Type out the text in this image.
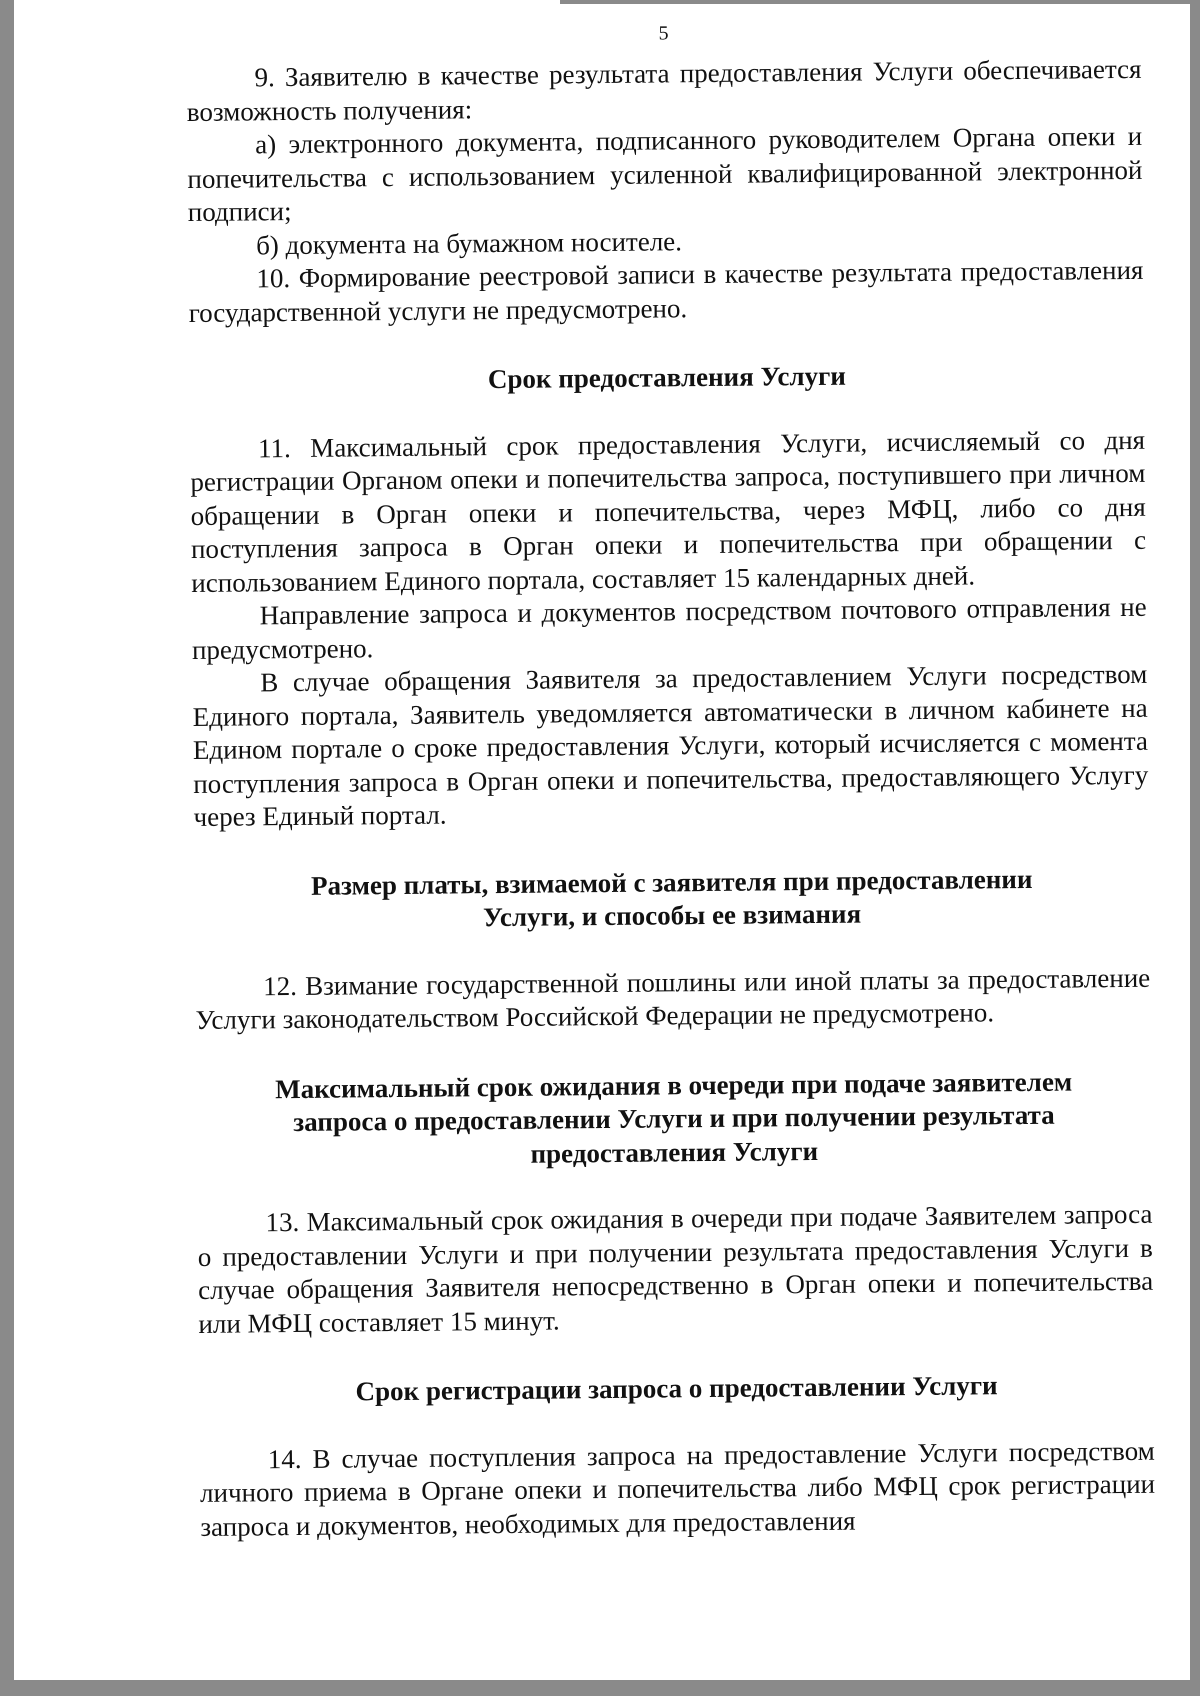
5

9. Заявителю в качестве результата предоставления Услуги обеспечивается возможность получения:

а) электронного документа, подписанного руководителем Органа опеки и попечительства с использованием усиленной квалифицированной электронной подписи;

б) документа на бумажном носителе.

10. Формирование реестровой записи в качестве результата предоставления государственной услуги не предусмотрено.

Срок предоставления Услуги

11. Максимальный срок предоставления Услуги, исчисляемый со дня регистрации Органом опеки и попечительства запроса, поступившего при личном обращении в Орган опеки и попечительства, через МФЦ, либо со дня поступления запроса в Орган опеки и попечительства при обращении с использованием Единого портала, составляет 15 календарных дней.

Направление запроса и документов посредством почтового отправления не предусмотрено.

В случае обращения Заявителя за предоставлением Услуги посредством Единого портала, Заявитель уведомляется автоматически в личном кабинете на Едином портале о сроке предоставления Услуги, который исчисляется с момента поступления запроса в Орган опеки и попечительства, предоставляющего Услугу через Единый портал.

Размер платы, взимаемой с заявителя при предоставлении
Услуги, и способы ее взимания

12. Взимание государственной пошлины или иной платы за предоставление Услуги законодательством Российской Федерации не предусмотрено.

Максимальный срок ожидания в очереди при подаче заявителем
запроса о предоставлении Услуги и при получении результата
предоставления Услуги

13. Максимальный срок ожидания в очереди при подаче Заявителем запроса о предоставлении Услуги и при получении результата предоставления Услуги в случае обращения Заявителя непосредственно в Орган опеки и попечительства или МФЦ составляет 15 минут.

Срок регистрации запроса о предоставлении Услуги

14. В случае поступления запроса на предоставление Услуги посредством личного приема в Органе опеки и попечительства либо МФЦ срок регистрации запроса и документов, необходимых для предоставления
